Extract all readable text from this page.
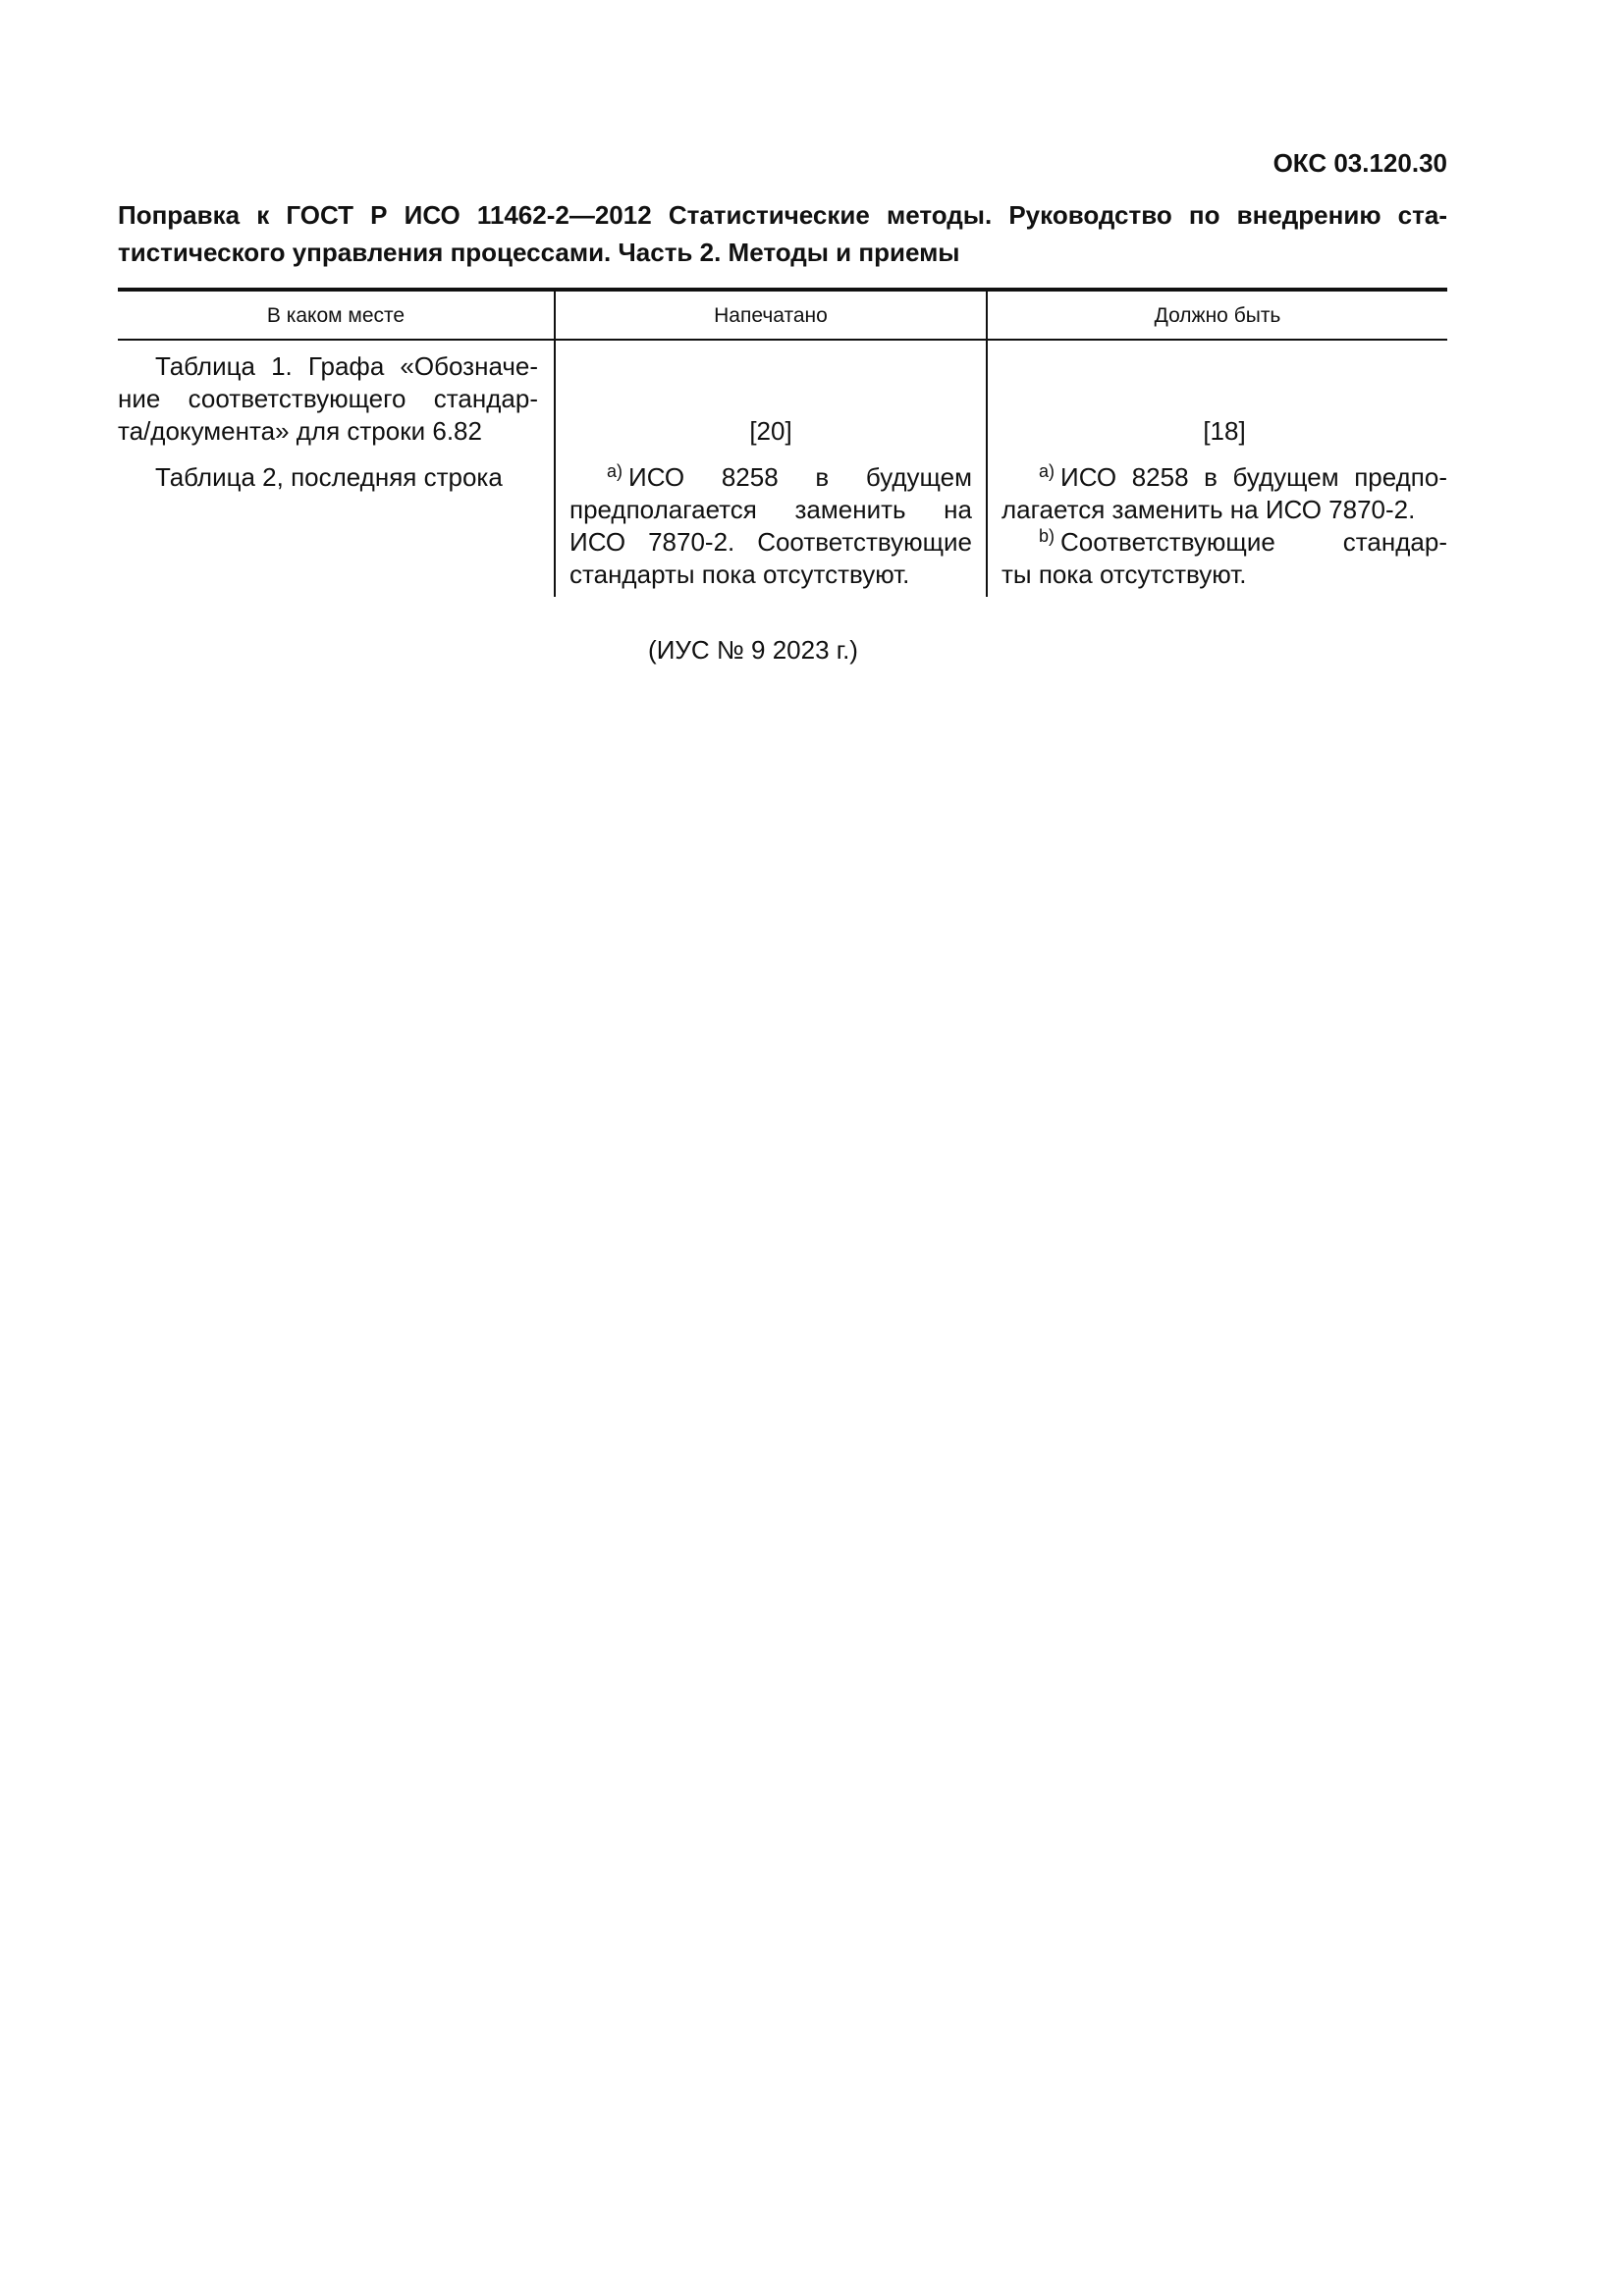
ОКС 03.120.30
Поправка к ГОСТ Р ИСО 11462-2—2012 Статистические методы. Руководство по внедрению ста-
тистического управления процессами. Часть 2. Методы и приемы
В каком месте	Напечатано	Должно быть

Таблица 1. Графа «Обозначе-
ние соответствующего стандар-
та/документа» для строки 6.82	[20]	[18]
Таблица 2, последняя строка	$^{a)}$ ИСО 8258 в будущем
предполагается заменить на
ИСО 7870-2. Соответствующие
стандарты пока отсутствуют.	$^{a)}$ ИСО 8258 в будущем предпо-
лагается заменить на ИСО 7870-2.
$^{b)}$ Соответствующие стандар-
ты пока отсутствуют.
(ИУС № 9 2023 г.)
